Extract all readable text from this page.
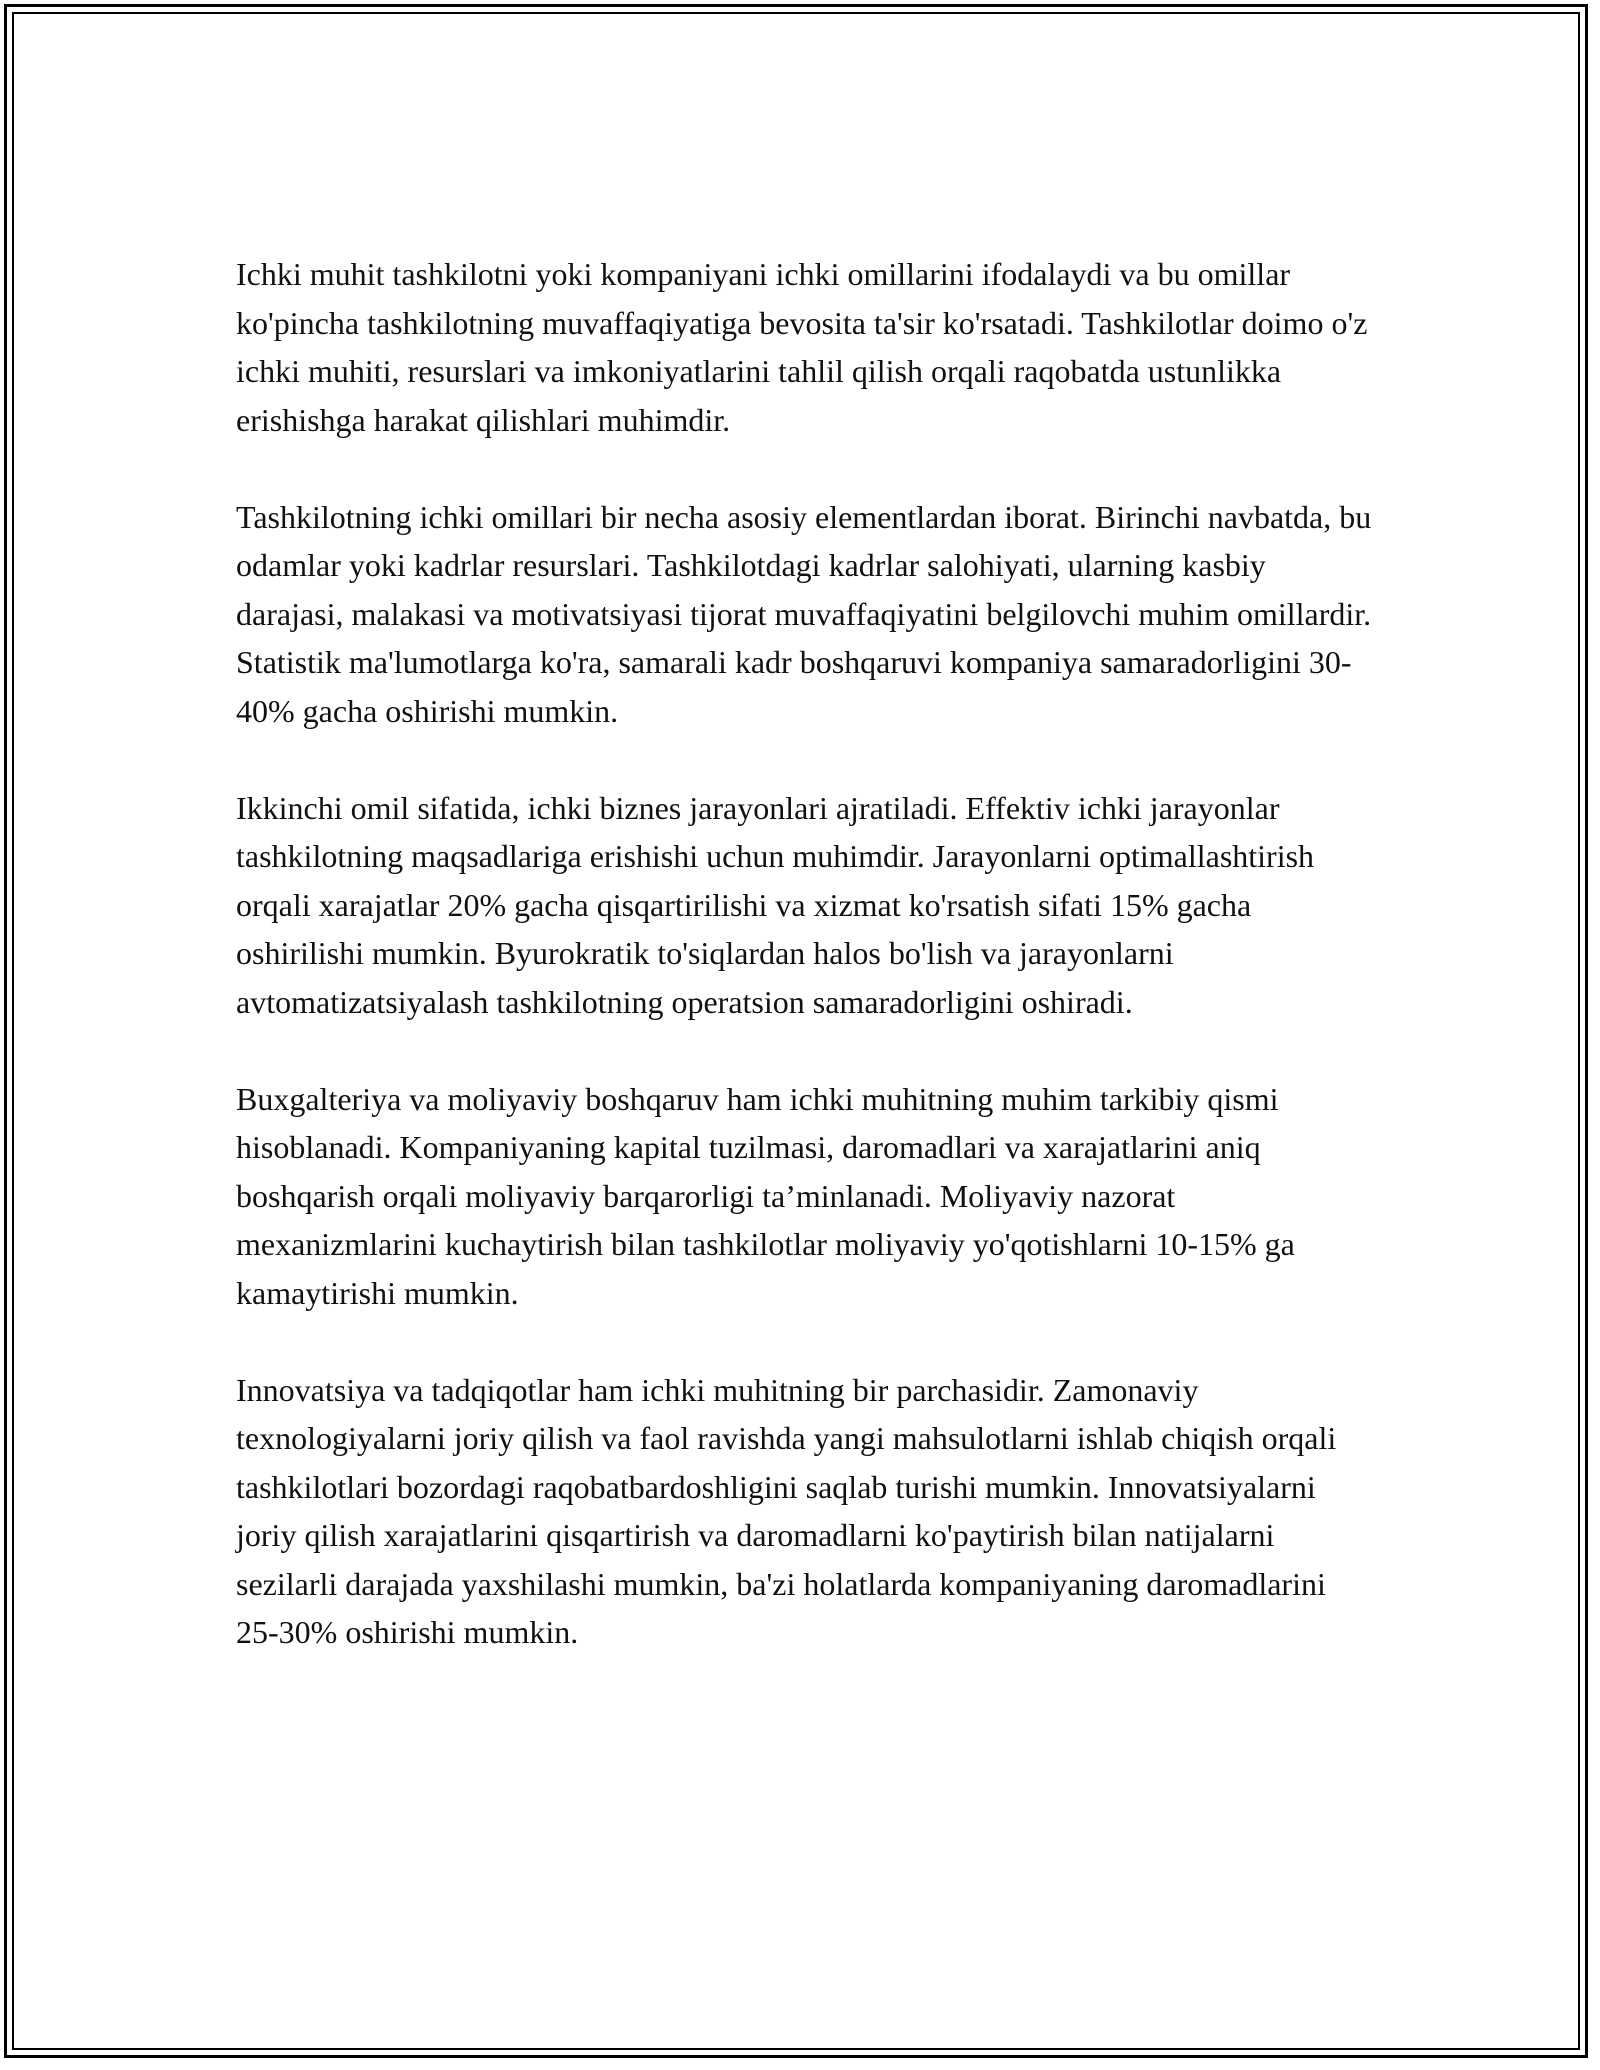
Ichki muhit tashkilotni yoki kompaniyani ichki omillarini ifodalaydi va bu omillar ko'pincha tashkilotning muvaffaqiyatiga bevosita ta'sir ko'rsatadi. Tashkilotlar doimo o'z ichki muhiti, resurslari va imkoniyatlarini tahlil qilish orqali raqobatda ustunlikka erishishga harakat qilishlari muhimdir.

Tashkilotning ichki omillari bir necha asosiy elementlardan iborat. Birinchi navbatda, bu odamlar yoki kadrlar resurslari. Tashkilotdagi kadrlar salohiyati, ularning kasbiy darajasi, malakasi va motivatsiyasi tijorat muvaffaqiyatini belgilovchi muhim omillardir. Statistik ma'lumotlarga ko'ra, samarali kadr boshqaruvi kompaniya samaradorligini 30-40% gacha oshirishi mumkin.

Ikkinchi omil sifatida, ichki biznes jarayonlari ajratiladi. Effektiv ichki jarayonlar tashkilotning maqsadlariga erishishi uchun muhimdir. Jarayonlarni optimallashtirish orqali xarajatlar 20% gacha qisqartirilishi va xizmat ko'rsatish sifati 15% gacha oshirilishi mumkin. Byurokratik to'siqlardan halos bo'lish va jarayonlarni avtomatizatsiyalash tashkilotning operatsion samaradorligini oshiradi.

Buxgalteriya va moliyaviy boshqaruv ham ichki muhitning muhim tarkibiy qismi hisoblanadi. Kompaniyaning kapital tuzilmasi, daromadlari va xarajatlarini aniq boshqarish orqali moliyaviy barqarorligi ta’minlanadi. Moliyaviy nazorat mexanizmlarini kuchaytirish bilan tashkilotlar moliyaviy yo'qotishlarni 10-15% ga kamaytirishi mumkin.

Innovatsiya va tadqiqotlar ham ichki muhitning bir parchasidir. Zamonaviy texnologiyalarni joriy qilish va faol ravishda yangi mahsulotlarni ishlab chiqish orqali tashkilotlari bozordagi raqobatbardoshligini saqlab turishi mumkin. Innovatsiyalarni joriy qilish xarajatlarini qisqartirish va daromadlarni ko'paytirish bilan natijalarni sezilarli darajada yaxshilashi mumkin, ba'zi holatlarda kompaniyaning daromadlarini 25-30% oshirishi mumkin.
